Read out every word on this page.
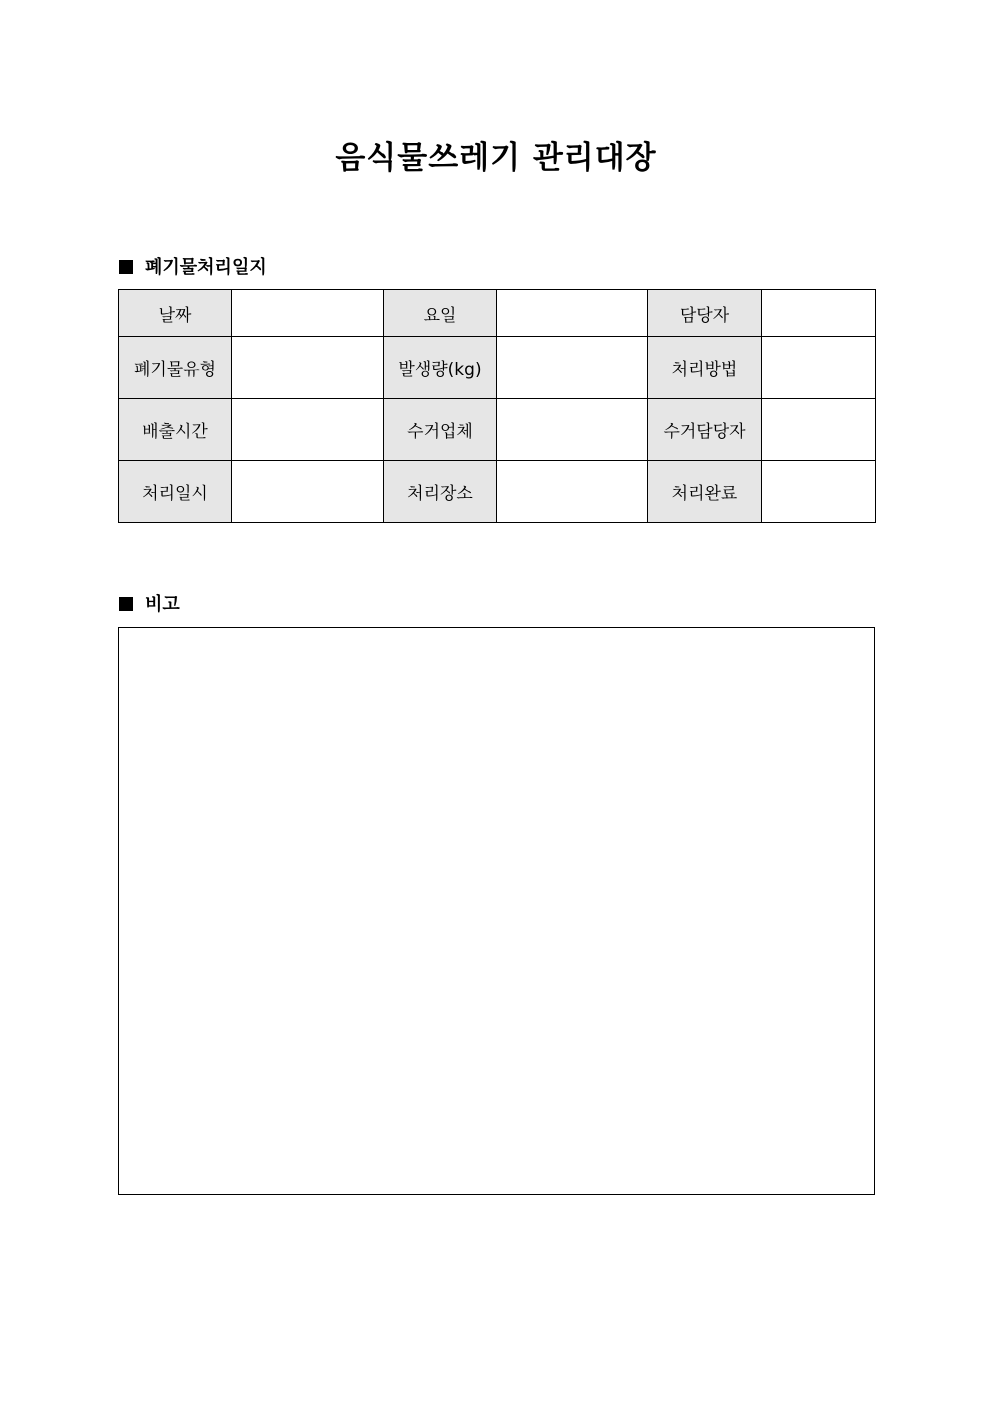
음식물쓰레기 관리대장
폐기물처리일지
날짜		요일		담당자	
폐기물유형		발생량(kg)		처리방법	
배출시간		수거업체		수거담당자	
처리일시		처리장소		처리완료	
비고
